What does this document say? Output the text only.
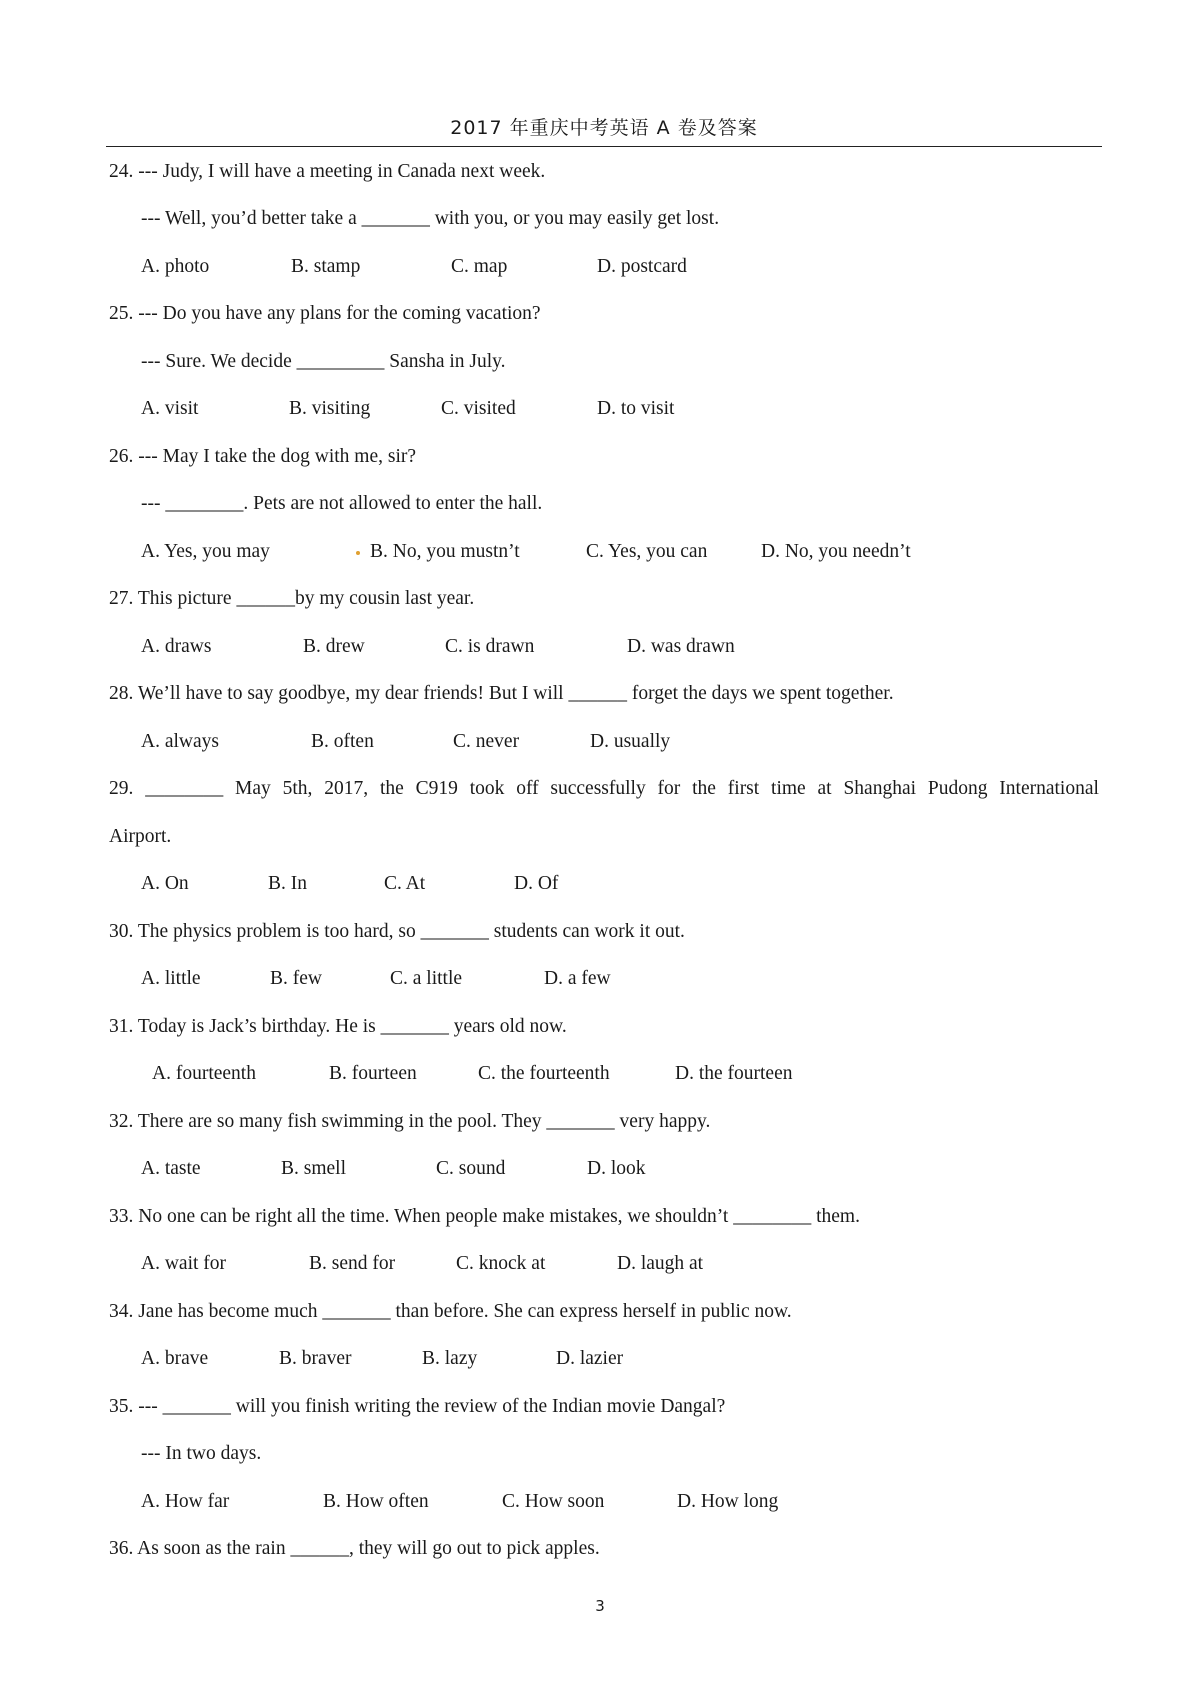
2017 年重庆中考英语 A 卷及答案
24. --- Judy, I will have a meeting in Canada next week.
--- Well, you’d better take a _______ with you, or you may easily get lost.
A. photo	B. stamp	C. map	D. postcard
25. --- Do you have any plans for the coming vacation?
--- Sure. We decide _________ Sansha in July.
A. visit	B. visiting	C. visited	D. to visit
26. --- May I take the dog with me, sir?
--- ________. Pets are not allowed to enter the hall.
A. Yes, you may	B. No, you mustn’t	C. Yes, you can	D. No, you needn’t
27. This picture ______by my cousin last year.
A. draws	B. drew	C. is drawn	D. was drawn
28. We’ll have to say goodbye, my dear friends! But I will ______ forget the days we spent together.
A. always	B. often	C. never	D. usually
29. ________ May 5th, 2017, the C919 took off successfully for the first time at Shanghai Pudong International
Airport.
A. On	B. In	C. At	D. Of
30. The physics problem is too hard, so _______ students can work it out.
A. little	B. few	C. a little	D. a few
31. Today is Jack’s birthday. He is _______ years old now.
A. fourteenth	B. fourteen	C. the fourteenth	D. the fourteen
32. There are so many fish swimming in the pool. They _______ very happy.
A. taste	B. smell	C. sound	D. look
33. No one can be right all the time. When people make mistakes, we shouldn’t ________ them.
A. wait for	B. send for	C. knock at	D. laugh at
34. Jane has become much _______ than before. She can express herself in public now.
A. brave	B. braver	B. lazy	D. lazier
35. --- _______ will you finish writing the review of the Indian movie Dangal?
--- In two days.
A. How far	B. How often	C. How soon	D. How long
36. As soon as the rain ______, they will go out to pick apples.
3
